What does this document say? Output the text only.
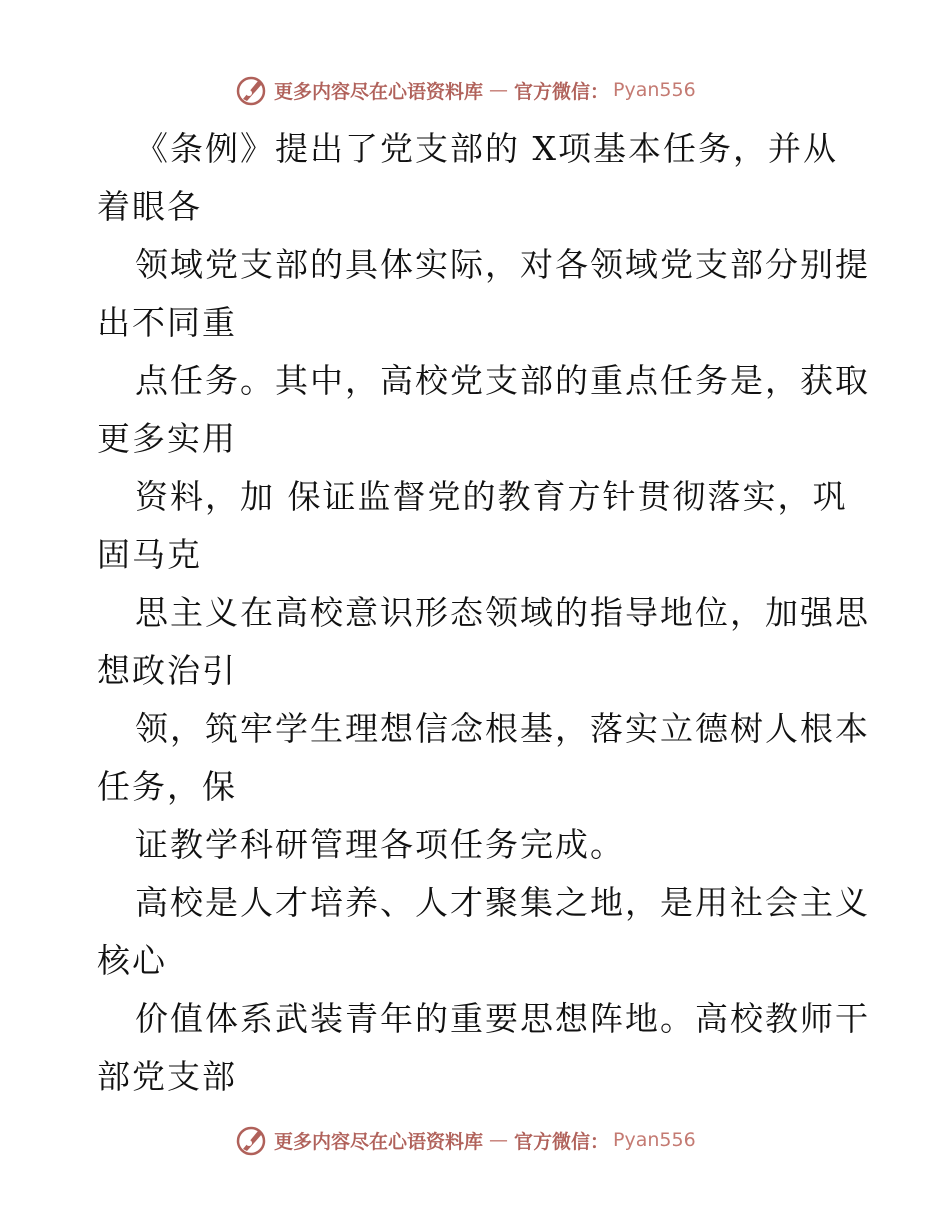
更多内容尽在心语资料库 — 官方微信： Pyan556
《条例》提出了党支部的 X项基本任务，并从
着眼各
领域党支部的具体实际，对各领域党支部分别提
出不同重
点任务。其中，高校党支部的重点任务是，获取
更多实用
资料，加 保证监督党的教育方针贯彻落实，巩
固马克
思主义在高校意识形态领域的指导地位，加强思
想政治引
领，筑牢学生理想信念根基，落实立德树人根本
任务，保
证教学科研管理各项任务完成。
高校是人才培养、人才聚集之地，是用社会主义
核心
价值体系武装青年的重要思想阵地。高校教师干
部党支部
更多内容尽在心语资料库 — 官方微信： Pyan556
